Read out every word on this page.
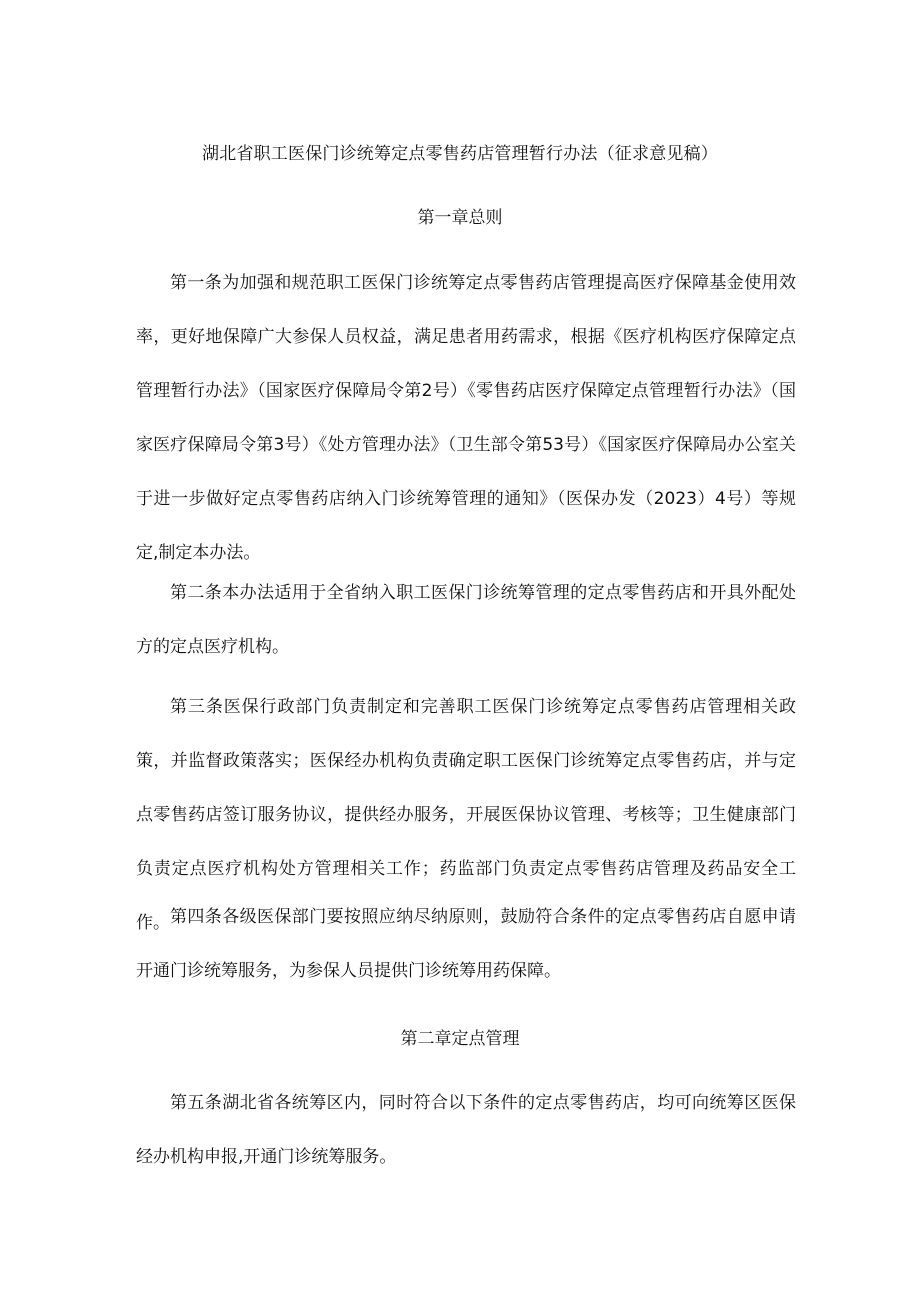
湖北省职工医保门诊统筹定点零售药店管理暂行办法（征求意见稿）
第一章总则

第一条为加强和规范职工医保门诊统筹定点零售药店管理提高医疗保障基金使用效率，更好地保障广大参保人员权益，满足患者用药需求，根据《医疗机构医疗保障定点管理暂行办法》（国家医疗保障局令第2号）《零售药店医疗保障定点管理暂行办法》（国家医疗保障局令第3号）《处方管理办法》（卫生部令第53号）《国家医疗保障局办公室关于进一步做好定点零售药店纳入门诊统筹管理的通知》（医保办发（2023）4号）等规定,制定本办法。

第二条本办法适用于全省纳入职工医保门诊统筹管理的定点零售药店和开具外配处方的定点医疗机构。

第三条医保行政部门负责制定和完善职工医保门诊统筹定点零售药店管理相关政策，并监督政策落实；医保经办机构负责确定职工医保门诊统筹定点零售药店，并与定点零售药店签订服务协议，提供经办服务，开展医保协议管理、考核等；卫生健康部门负责定点医疗机构处方管理相关工作；药监部门负责定点零售药店管理及药品安全工作。 第四条各级医保部门要按照应纳尽纳原则，鼓励符合条件的定点零售药店自愿申请开通门诊统筹服务，为参保人员提供门诊统筹用药保障。

第二章定点管理

第五条湖北省各统筹区内，同时符合以下条件的定点零售药店，均可向统筹区医保经办机构申报,开通门诊统筹服务。
